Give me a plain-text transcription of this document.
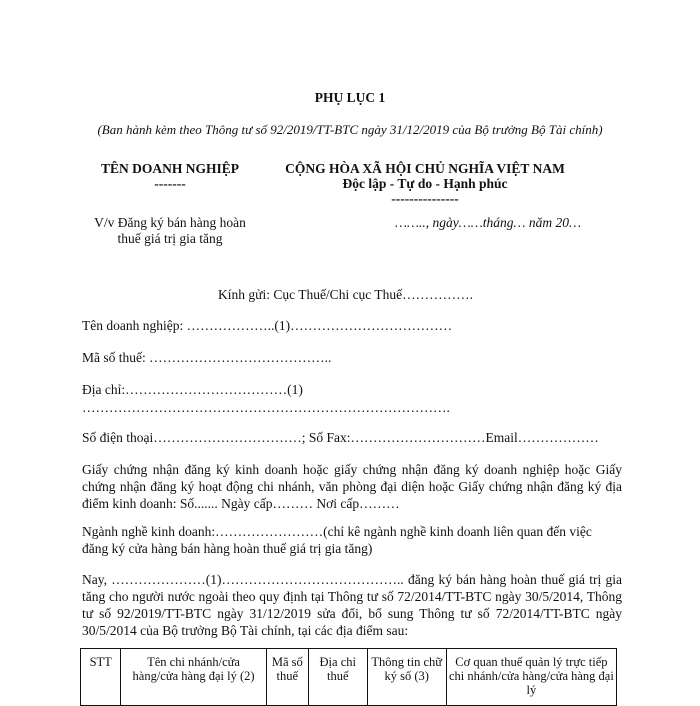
PHỤ LỤC 1
(Ban hành kèm theo Thông tư số 92/2019/TT-BTC ngày 31/12/2019 của Bộ trưởng Bộ Tài chính)
TÊN DOANH NGHIỆP
-------
V/v Đăng ký bán hàng hoàn
thuế giá trị gia tăng
CỘNG HÒA XÃ HỘI CHỦ NGHĨA VIỆT NAM
Độc lập - Tự do - Hạnh phúc
---------------
…….., ngày……tháng… năm 20…
Kính gửi: Cục Thuế/Chi cục Thuế…………….
Tên doanh nghiệp: ………………..(1)………………………………
Mã số thuế: …………………………………..
Địa chỉ:………………………………(1)
……………………………………………………………………….
Số điện thoại……………………………; Số Fax:…………………………Email………………
Giấy chứng nhận đăng ký kinh doanh hoặc giấy chứng nhận đăng ký doanh nghiệp hoặc Giấy chứng nhận đăng ký hoạt động chi nhánh, văn phòng đại diện hoặc Giấy chứng nhận đăng ký địa điểm kinh doanh: Số....... Ngày cấp……… Nơi cấp………
Ngành nghề kinh doanh:……………………(chỉ kê ngành nghề kinh doanh liên quan đến việc
đăng ký cửa hàng bán hàng hoàn thuế giá trị gia tăng)
Nay, …………………(1)………………………………….. đăng ký bán hàng hoàn thuế giá trị gia tăng cho người nước ngoài theo quy định tại Thông tư số 72/2014/TT-BTC ngày 30/5/2014, Thông tư số 92/2019/TT-BTC ngày 31/12/2019 sửa đổi, bổ sung Thông tư số 72/2014/TT-BTC ngày 30/5/2014 của Bộ trưởng Bộ Tài chính, tại các địa điểm sau:
STT	Tên chi nhánh/cửa hàng/cửa hàng đại lý (2)	Mã số thuế	Địa chỉ thuế	Thông tin chữ ký số (3)	Cơ quan thuế quản lý trực tiếp chi nhánh/cửa hàng/cửa hàng đại lý
